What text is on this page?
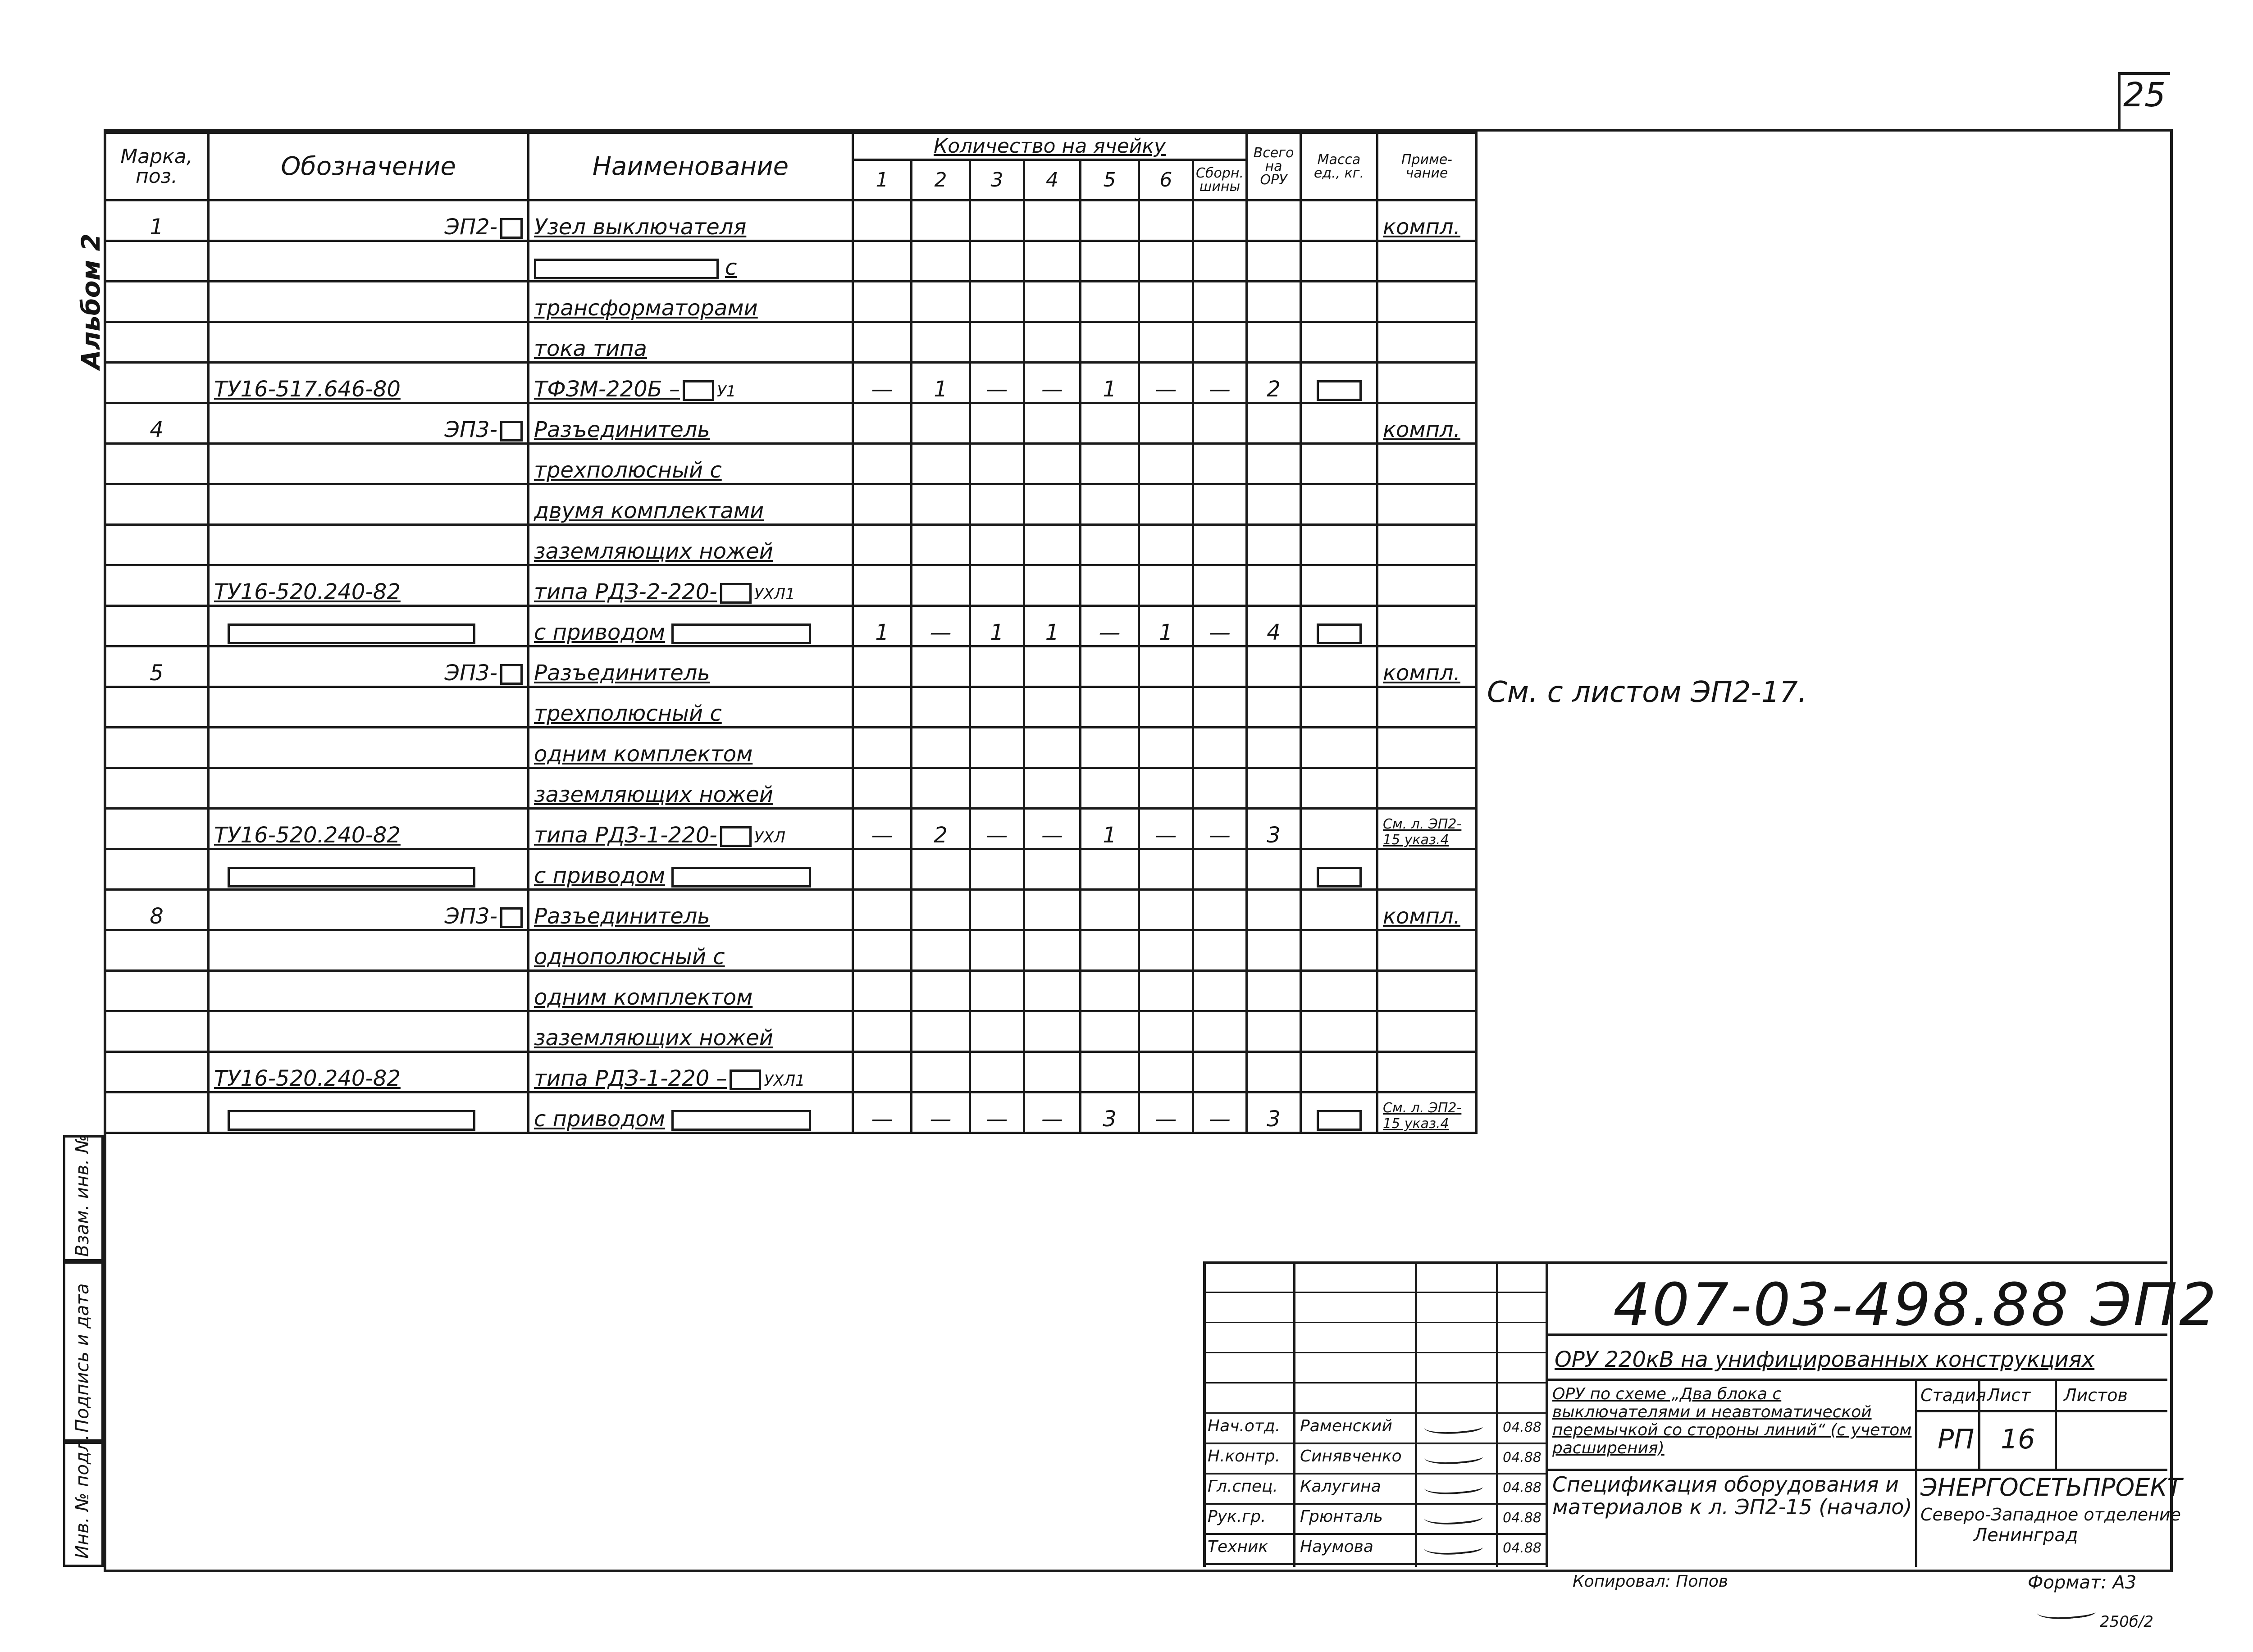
25
Альбом 2
Инв. № подл.
Подпись и дата
Взам. инв. №
Марка, поз.	Обозначение	Наименование	Количество на ячейку							Всего на ОРУ	Масса ед., кг.	Приме- чание
			1	2	3	4	5	6	Сборн. шины			
1	ЭП2-	Узел выключателя										компл.
		с										
		трансформаторами										
		тока типа										
	ТУ16-517.646-80	ТФЗМ-220Б – У1	—	1	—	—	1	—	—	2		
4	ЭП3-	Разъединитель										компл.
		трехполюсный с										
		двумя комплектами										
		заземляющих ножей										
	ТУ16-520.240-82	типа РДЗ-2-220- УХЛ1										
		с приводом	1	—	1	1	—	1	—	4		
5	ЭП3-	Разъединитель										компл.
		трехполюсный с										
		одним комплектом										
		заземляющих ножей										
	ТУ16-520.240-82	типа РДЗ-1-220- УХЛ	—	2	—	—	1	—	—	3		См. л. ЭП2-15 указ.4
		с приводом										
8	ЭП3-	Разъединитель										компл.
		однополюсный с										
		одним комплектом										
		заземляющих ножей										
	ТУ16-520.240-82	типа РДЗ-1-220 – УХЛ1										
		с приводом	—	—	—	—	3	—	—	3		См. л. ЭП2-15 указ.4
См. с листом ЭП2-17.
407-03-498.88 ЭП2
ОРУ 220кВ на унифицированных конструкциях
ОРУ по схеме „Два блока с выключателями и неавтоматической перемычкой со стороны линий“ (с учетом расширения)
Спецификация оборудования и материалов к л. ЭП2-15 (начало)
Стадия Лист Листов
РП 16
ЭНЕРГОСЕТЬПРОЕКТ
Северо-Западное отделение
Ленинград
Копировал: Попов	Формат: А3
250б/2
Нач.отд. Раменский	04.88
Н.контр. Синявченко	04.88
Гл.спец. Калугина	04.88
Рук.гр. Грюнталь	04.88
Техник Наумова	04.88
